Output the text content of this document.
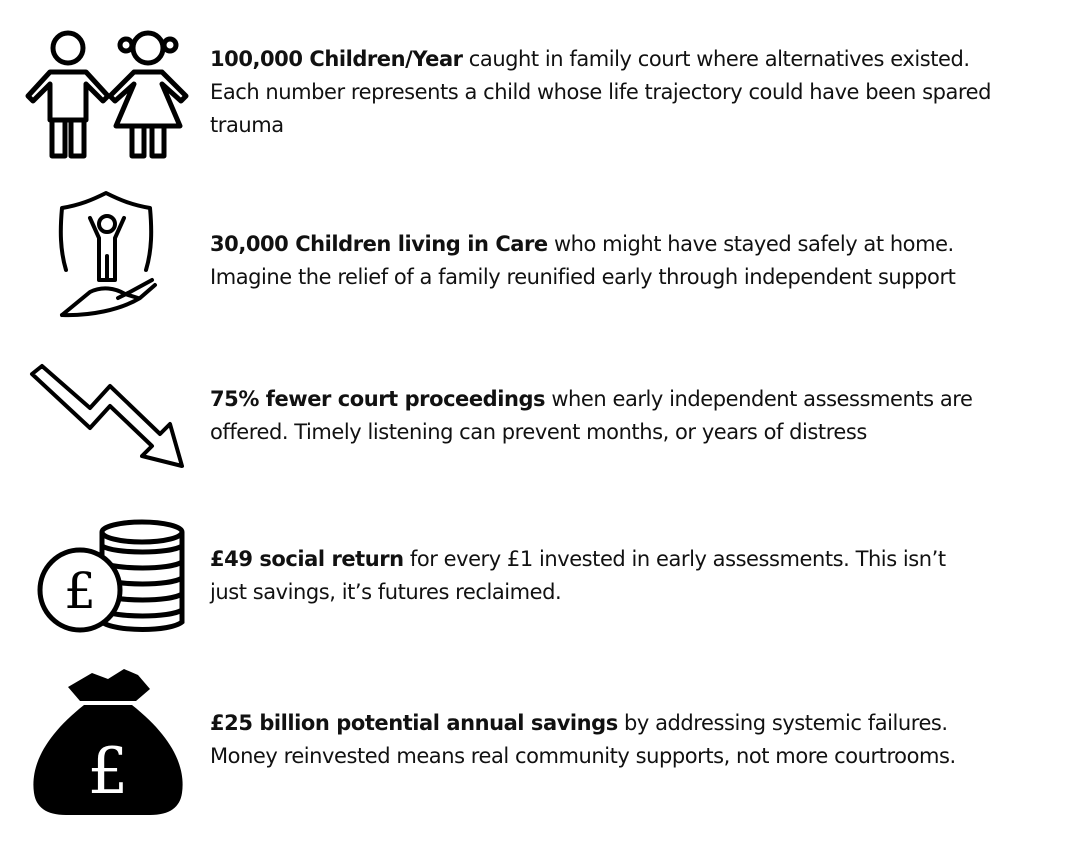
100,000 Children/Year caught in family court where alternatives existed.
Each number represents a child whose life trajectory could have been spared trauma

30,000 Children living in Care who might have stayed safely at home.
Imagine the relief of a family reunified early through independent support

75% fewer court proceedings when early independent assessments are
offered. Timely listening can prevent months, or years of distress

£

£49 social return for every £1 invested in early assessments. This isn’t
just savings, it’s futures reclaimed.

£

£25 billion potential annual savings by addressing systemic failures.
Money reinvested means real community supports, not more courtrooms.
